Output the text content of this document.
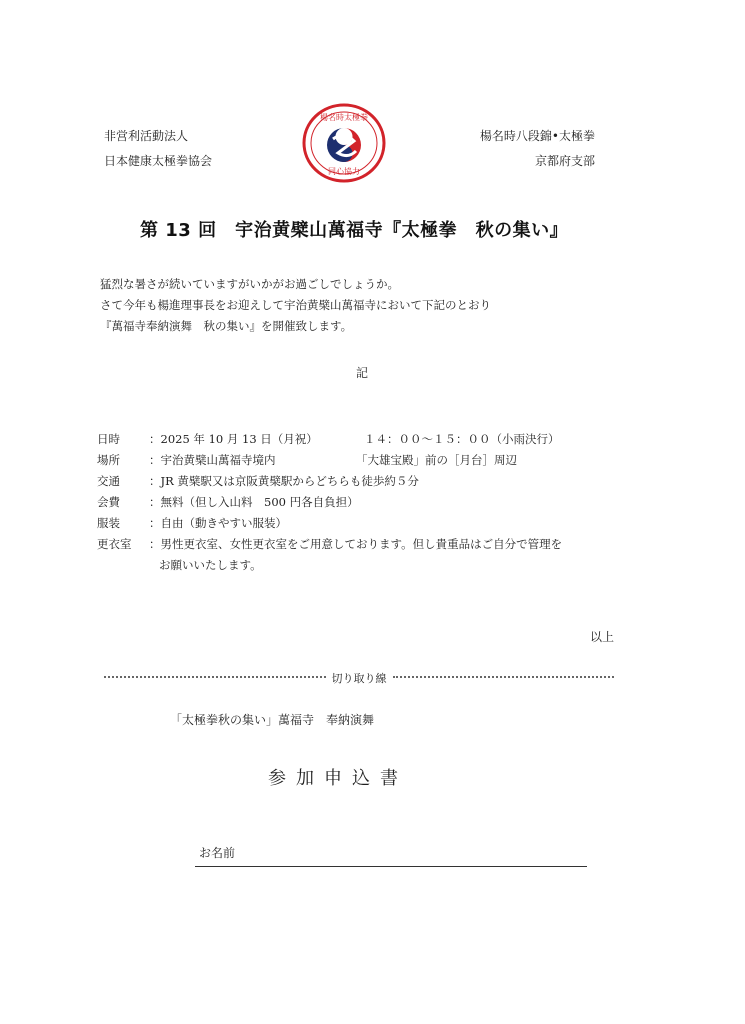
非営利活動法人
日本健康太極拳協会
楊名時太極拳
同心協力
楊名時八段錦•太極拳
京都府支部
第 13 回　宇治黄檗山萬福寺『太極拳　秋の集い』
猛烈な暑さが続いていますがいかがお過ごしでしょうか。
さて今年も楊進理事長をお迎えして宇治黄檗山萬福寺において下記のとおり
『萬福寺奉納演舞　秋の集い』を開催致します。
記
日時	：2025 年 10 月 13 日（月祝）	１４：００～１５：００（小雨決行）
場所	：宇治黄檗山萬福寺境内	「大雄宝殿」前の［月台］周辺
交通	：JR 黄檗駅又は京阪黄檗駅からどちらも徒歩約５分
会費	：無料（但し入山料　500 円各自負担）
服装	：自由（動きやすい服装）
更衣室	：男性更衣室、女性更衣室をご用意しております。但し貴重品はご自分で管理を
お願いいたします。
以上
切り取り線
「太極拳秋の集い」萬福寺　奉納演舞
参加申込書
お名前
